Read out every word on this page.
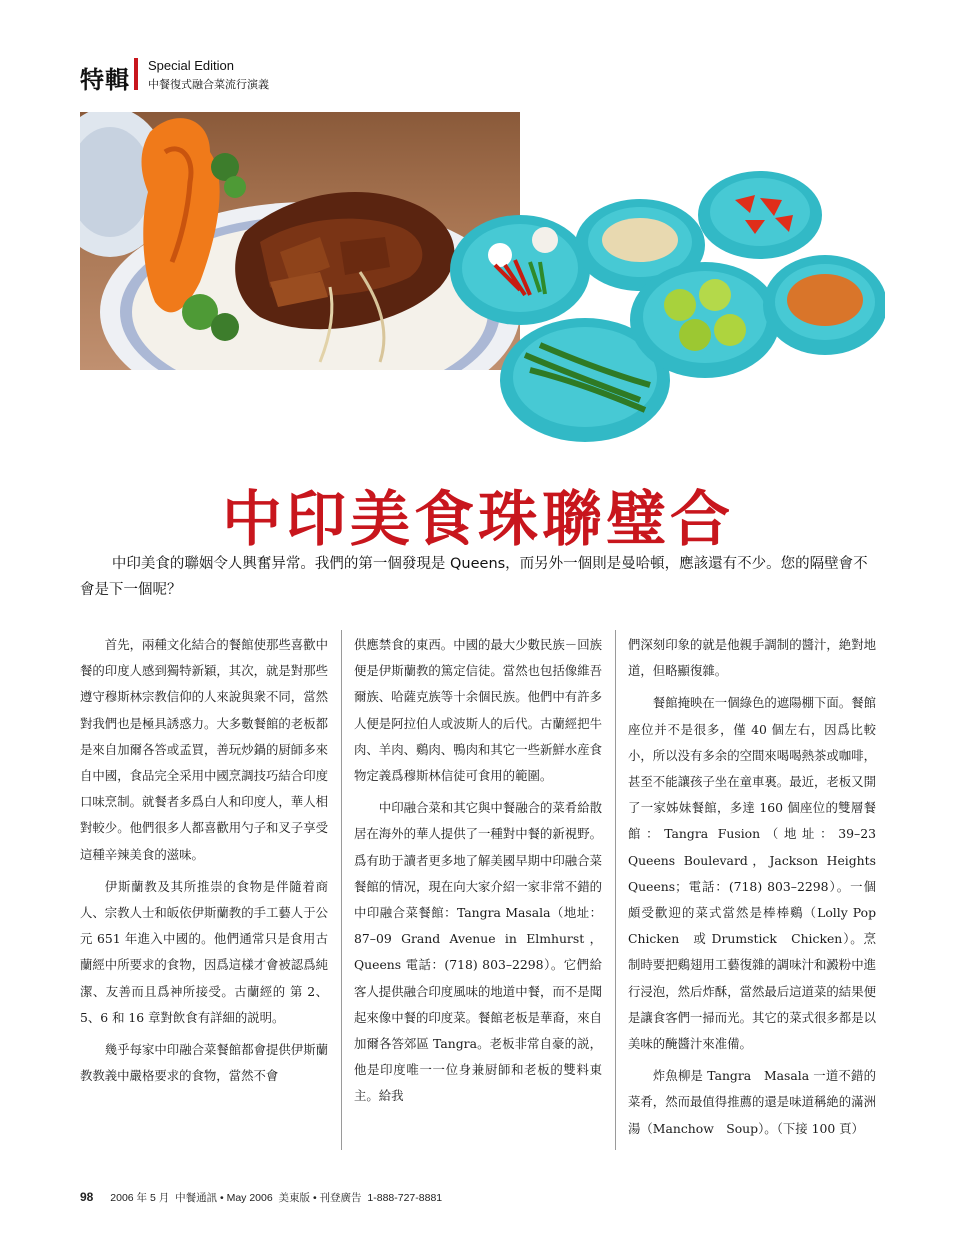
特輯
Special Edition
中餐復式融合菜流行演義
中印美食珠聯璧合
中印美食的聯姻令人興奮异常。我們的第一個發現是 Queens，而另外一個則是曼哈頓，應該還有不少。您的隔壁會不會是下一個呢？

首先，兩種文化結合的餐館使那些喜歡中餐的印度人感到獨特新穎，其次，就是對那些遵守穆斯林宗教信仰的人來說與衆不同，當然對我們也是極具誘惑力。大多數餐館的老板都是來自加爾各答或孟買，善玩炒鍋的厨師多來自中國，食品完全采用中國烹調技巧結合印度口味烹制。就餐者多爲白人和印度人，華人相對較少。他們很多人都喜歡用勺子和叉子享受這種辛辣美食的滋味。

伊斯蘭教及其所推崇的食物是伴隨着商人、宗教人士和皈依伊斯蘭教的手工藝人于公元 651 年進入中國的。他們通常只是食用古蘭經中所要求的食物，因爲這樣才會被認爲純潔、友善而且爲神所接受。古蘭經的 第 2、5、6 和 16 章對飲食有詳細的説明。

幾乎每家中印融合菜餐館都會提供伊斯蘭教教義中嚴格要求的食物，當然不會

供應禁食的東西。中國的最大少數民族－回族便是伊斯蘭教的篤定信徒。當然也包括像維吾爾族、哈薩克族等十余個民族。他們中有許多人便是阿拉伯人或波斯人的后代。古蘭經把牛肉、羊肉、鷄肉、鴨肉和其它一些新鮮水産食物定義爲穆斯林信徒可食用的範圍。

中印融合菜和其它與中餐融合的菜肴給散居在海外的華人提供了一種對中餐的新視野。爲有助于讀者更多地了解美國早期中印融合菜餐館的情况，現在向大家介紹一家非常不錯的中印融合菜餐館：Tangra Masala（地址：87–09 Grand Avenue in Elmhurst，Queens 電話：(718) 803–2298）。它們給客人提供融合印度風味的地道中餐，而不是聞起來像中餐的印度菜。餐館老板是華裔，來自加爾各答郊區 Tangra。老板非常自豪的説，他是印度唯一一位身兼厨師和老板的雙料東主。給我

們深刻印象的就是他親手調制的醬汁，絶對地道，但略顯復雜。

餐館掩映在一個綠色的遮陽棚下面。餐館座位并不是很多，僅 40 個左右，因爲比較小，所以没有多余的空間來喝喝熱茶或咖啡，甚至不能讓孩子坐在童車裏。最近，老板又開了一家姊妹餐館，多達 160 個座位的雙層餐館：Tangra Fusion（地址：39–23 Queens Boulevard，Jackson Heights Queens；電話：(718) 803–2298）。一個頗受歡迎的菜式當然是棒棒鷄（Lolly Pop Chicken　或 Drumstick　Chicken）。烹制時要把鷄翅用工藝復雜的調味汁和澱粉中進行浸泡，然后炸酥，當然最后這道菜的結果便是讓食客們一掃而光。其它的菜式很多都是以美味的醃醬汁來准備。

炸魚柳是 Tangra　Masala 一道不錯的菜肴，然而最值得推薦的還是味道稱絶的滿洲湯（Manchow　Soup）。（下接 100 頁）

98 2006 年 5 月 中餐通訊 • May 2006 美東版 • 刊登廣告 1-888-727-8881
